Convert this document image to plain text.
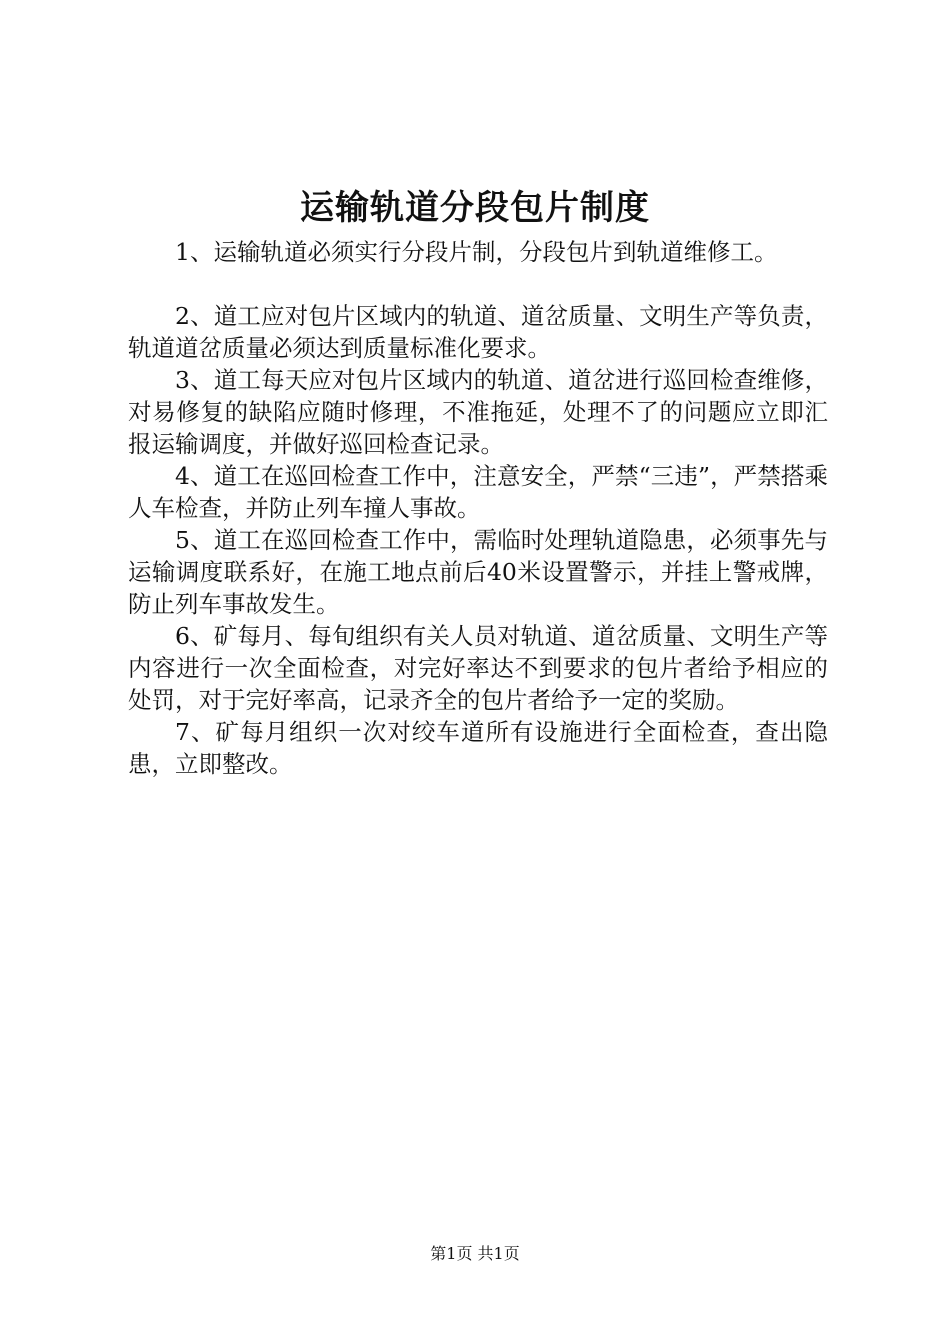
运输轨道分段包片制度

1、运输轨道必须实行分段片制，分段包片到轨道维修工。

2、道工应对包片区域内的轨道、道岔质量、文明生产等负责，轨道道岔质量必须达到质量标准化要求。

3、道工每天应对包片区域内的轨道、道岔进行巡回检查维修，对易修复的缺陷应随时修理，不准拖延，处理不了的问题应立即汇报运输调度，并做好巡回检查记录。

4、道工在巡回检查工作中，注意安全，严禁“三违”，严禁搭乘人车检查，并防止列车撞人事故。

5、道工在巡回检查工作中，需临时处理轨道隐患，必须事先与运输调度联系好，在施工地点前后40米设置警示，并挂上警戒牌，防止列车事故发生。

6、矿每月、每旬组织有关人员对轨道、道岔质量、文明生产等内容进行一次全面检查，对完好率达不到要求的包片者给予相应的处罚，对于完好率高，记录齐全的包片者给予一定的奖励。

7、矿每月组织一次对绞车道所有设施进行全面检查，查出隐患，立即整改。

第1页 共1页
